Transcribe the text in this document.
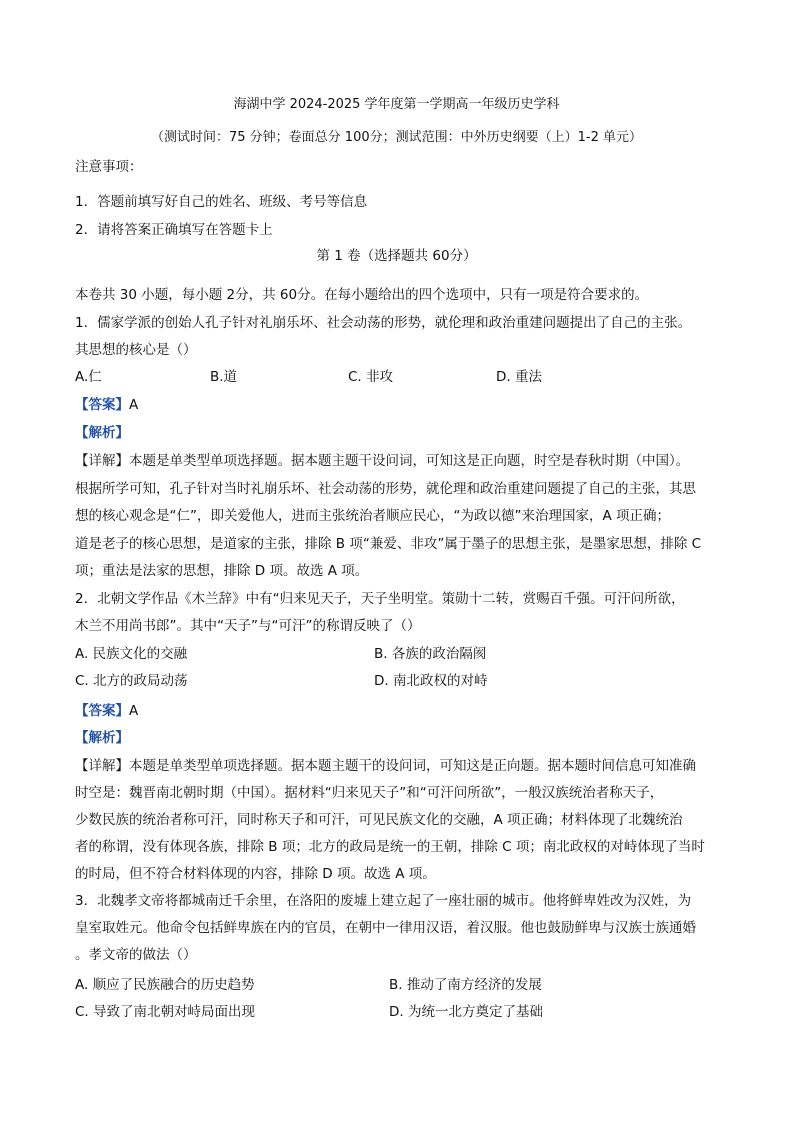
海湖中学 2024-2025 学年度第一学期高一年级历史学科
（测试时间：75 分钟；卷面总分 100分；测试范围：中外历史纲要（上）1-2 单元）
注意事项：
1．答题前填写好自己的姓名、班级、考号等信息
2．请将答案正确填写在答题卡上
第 1 卷（选择题共 60分）
本卷共 30 小题，每小题 2分，共 60分。在每小题给出的四个选项中，只有一项是符合要求的。
1．儒家学派的创始人孔子针对礼崩乐坏、社会动荡的形势，就伦理和政治重建问题提出了自己的主张。
其思想的核心是（）
A.仁	B.道	C. 非攻	D. 重法
【答案】A
【解析】
【详解】本题是单类型单项选择题。据本题主题干设问词，可知这是正向题，时空是春秋时期（中国）。
根据所学可知，孔子针对当时礼崩乐坏、社会动荡的形势，就伦理和政治重建问题提了自己的主张，其思
想的核心观念是“仁”，即关爱他人，进而主张统治者顺应民心，“为政以德”来治理国家，A 项正确；
道是老子的核心思想，是道家的主张，排除 B 项“兼爱、非攻”属于墨子的思想主张，是墨家思想，排除 C
项；重法是法家的思想，排除 D 项。故选 A 项。
2．北朝文学作品《木兰辞》中有“归来见天子，天子坐明堂。策勋十二转，赏赐百千强。可汗问所欲，
木兰不用尚书郎”。其中“天子”与“可汗”的称谓反映了（）
A. 民族文化的交融	B. 各族的政治隔阂
C. 北方的政局动荡	D. 南北政权的对峙
【答案】A
【解析】
【详解】本题是单类型单项选择题。据本题主题干的设问词，可知这是正向题。据本题时间信息可知准确
时空是：魏晋南北朝时期（中国）。据材料“归来见天子”和“可汗问所欲”，一般汉族统治者称天子，
少数民族的统治者称可汗，同时称天子和可汗，可见民族文化的交融，A 项正确；材料体现了北魏统治
者的称谓，没有体现各族，排除 B 项；北方的政局是统一的王朝，排除 C 项；南北政权的对峙体现了当时
的时局，但不符合材料体现的内容，排除 D 项。故选 A 项。
3．北魏孝文帝将都城南迁千余里，在洛阳的废墟上建立起了一座壮丽的城市。他将鲜卑姓改为汉姓，为
皇室取姓元。他命令包括鲜卑族在内的官员，在朝中一律用汉语，着汉服。他也鼓励鲜卑与汉族士族通婚
。孝文帝的做法（）
A. 顺应了民族融合的历史趋势	B. 推动了南方经济的发展
C. 导致了南北朝对峙局面出现	D. 为统一北方奠定了基础
